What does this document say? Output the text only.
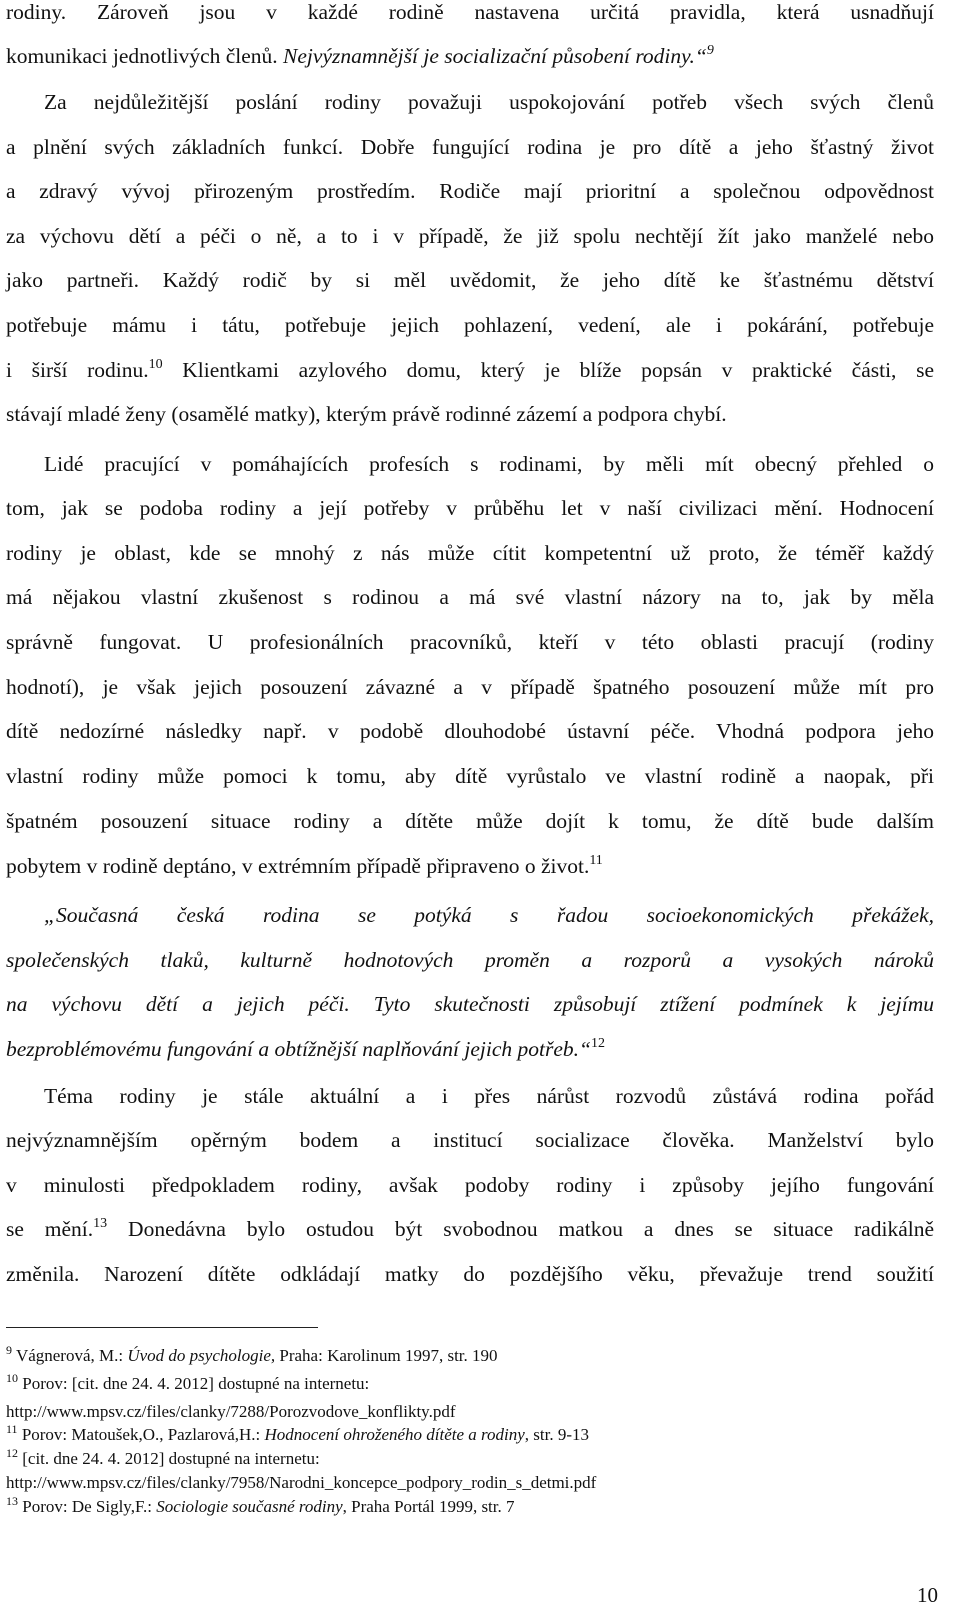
rodiny. Zároveň jsou v každé rodině nastavena určitá pravidla, která usnadňují
komunikaci jednotlivých členů. Nejvýznamnější je socializační působení rodiny.“$^9$
Za nejdůležitější poslání rodiny považuji uspokojování potřeb všech svých členů
a plnění svých základních funkcí. Dobře fungující rodina je pro dítě a jeho šťastný život
a zdravý vývoj přirozeným prostředím. Rodiče mají prioritní a společnou odpovědnost
za výchovu dětí a péči o ně, a to i v případě, že již spolu nechtějí žít jako manželé nebo
jako partneři. Každý rodič by si měl uvědomit, že jeho dítě ke šťastnému dětství
potřebuje mámu i tátu, potřebuje jejich pohlazení, vedení, ale i pokárání, potřebuje
i širší rodinu.$^{10}$ Klientkami azylového domu, který je blíže popsán v praktické části, se
stávají mladé ženy (osamělé matky), kterým právě rodinné zázemí a podpora chybí.
Lidé pracující v pomáhajících profesích s rodinami, by měli mít obecný přehled o
tom, jak se podoba rodiny a její potřeby v průběhu let v naší civilizaci mění. Hodnocení
rodiny je oblast, kde se mnohý z nás může cítit kompetentní už proto, že téměř každý
má nějakou vlastní zkušenost s rodinou a má své vlastní názory na to, jak by měla
správně fungovat. U profesionálních pracovníků, kteří v této oblasti pracují (rodiny
hodnotí), je však jejich posouzení závazné a v případě špatného posouzení může mít pro
dítě nedozírné následky např. v podobě dlouhodobé ústavní péče. Vhodná podpora jeho
vlastní rodiny může pomoci k tomu, aby dítě vyrůstalo ve vlastní rodině a naopak, při
špatném posouzení situace rodiny a dítěte může dojít k tomu, že dítě bude dalším
pobytem v rodině deptáno, v extrémním případě připraveno o život.$^{11}$
„Současná česká rodina se potýká s řadou socioekonomických překážek,
společenských tlaků, kulturně hodnotových proměn a rozporů a vysokých nároků
na výchovu dětí a jejich péči. Tyto skutečnosti způsobují ztížení podmínek k jejímu
bezproblémovému fungování a obtížnější naplňování jejich potřeb.“$^{12}$
Téma rodiny je stále aktuální a i přes nárůst rozvodů zůstává rodina pořád
nejvýznamnějším opěrným bodem a institucí socializace člověka. Manželství bylo
v minulosti předpokladem rodiny, avšak podoby rodiny i způsoby jejího fungování
se mění.$^{13}$ Donedávna bylo ostudou být svobodnou matkou a dnes se situace radikálně
změnila. Narození dítěte odkládají matky do pozdějšího věku, převažuje trend soužití
$^9$ Vágnerová, M.: Úvod do psychologie, Praha: Karolinum 1997, str. 190
$^{10}$ Porov: [cit. dne 24. 4. 2012] dostupné na internetu:
http://www.mpsv.cz/files/clanky/7288/Porozvodove_konflikty.pdf
$^{11}$ Porov: Matoušek,O., Pazlarová,H.: Hodnocení ohroženého dítěte a rodiny, str. 9-13
$^{12}$ [cit. dne 24. 4. 2012] dostupné na internetu:
http://www.mpsv.cz/files/clanky/7958/Narodni_koncepce_podpory_rodin_s_detmi.pdf
$^{13}$ Porov: De Sigly,F.: Sociologie současné rodiny, Praha Portál 1999, str. 7
10
